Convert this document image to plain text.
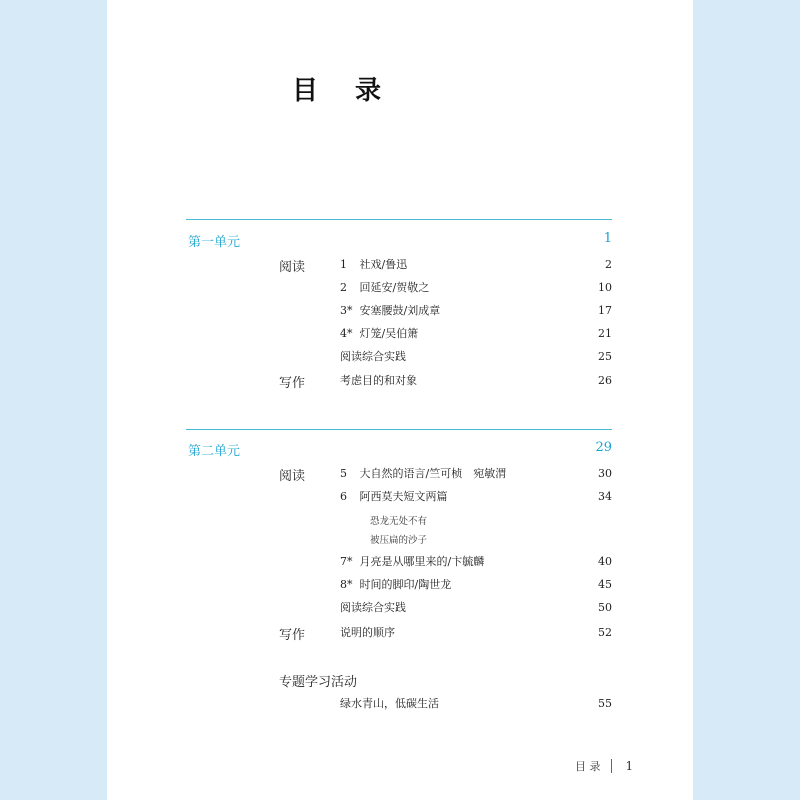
目 录
第一单元	1
阅读	1 社戏/鲁迅	2
2 回延安/贺敬之	10
3* 安塞腰鼓/刘成章	17
4* 灯笼/吴伯箫	21
阅读综合实践	25
写作	考虑目的和对象	26
第二单元	29
阅读	5 大自然的语言/竺可桢　宛敏渭	30
6 阿西莫夫短文两篇	34
恐龙无处不有
被压扁的沙子
7* 月亮是从哪里来的/卞毓麟	40
8* 时间的脚印/陶世龙	45
阅读综合实践	50
写作	说明的顺序	52
专题学习活动
绿水青山，低碳生活	55
目 录 1
